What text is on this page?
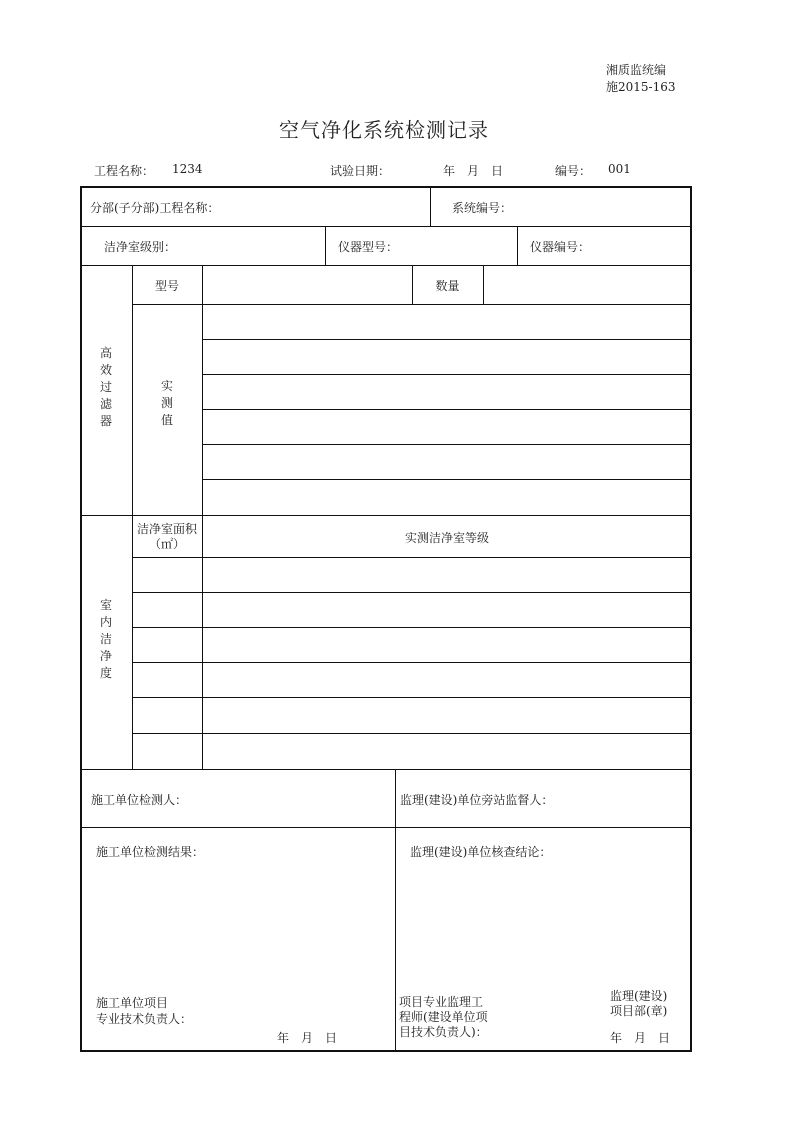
湘质监统编
施2015-163
空气净化系统检测记录
工程名称： 1234	试验日期：	年　月　日	编号： 001
分部(子分部)工程名称：	系统编号：
洁净室级别：	仪器型号：	仪器编号：
高效过滤器
型号	数量
实测值
室内洁净度
洁净室面积
（㎡）	实测洁净室等级
施工单位检测人：	监理(建设)单位旁站监督人：
施工单位检测结果：	监理(建设)单位核查结论：
施工单位项目
专业技术负责人：
年　月　日
项目专业监理工
程师(建设单位项
目技术负责人)：
监理(建设)
项目部(章)
年　月　日
